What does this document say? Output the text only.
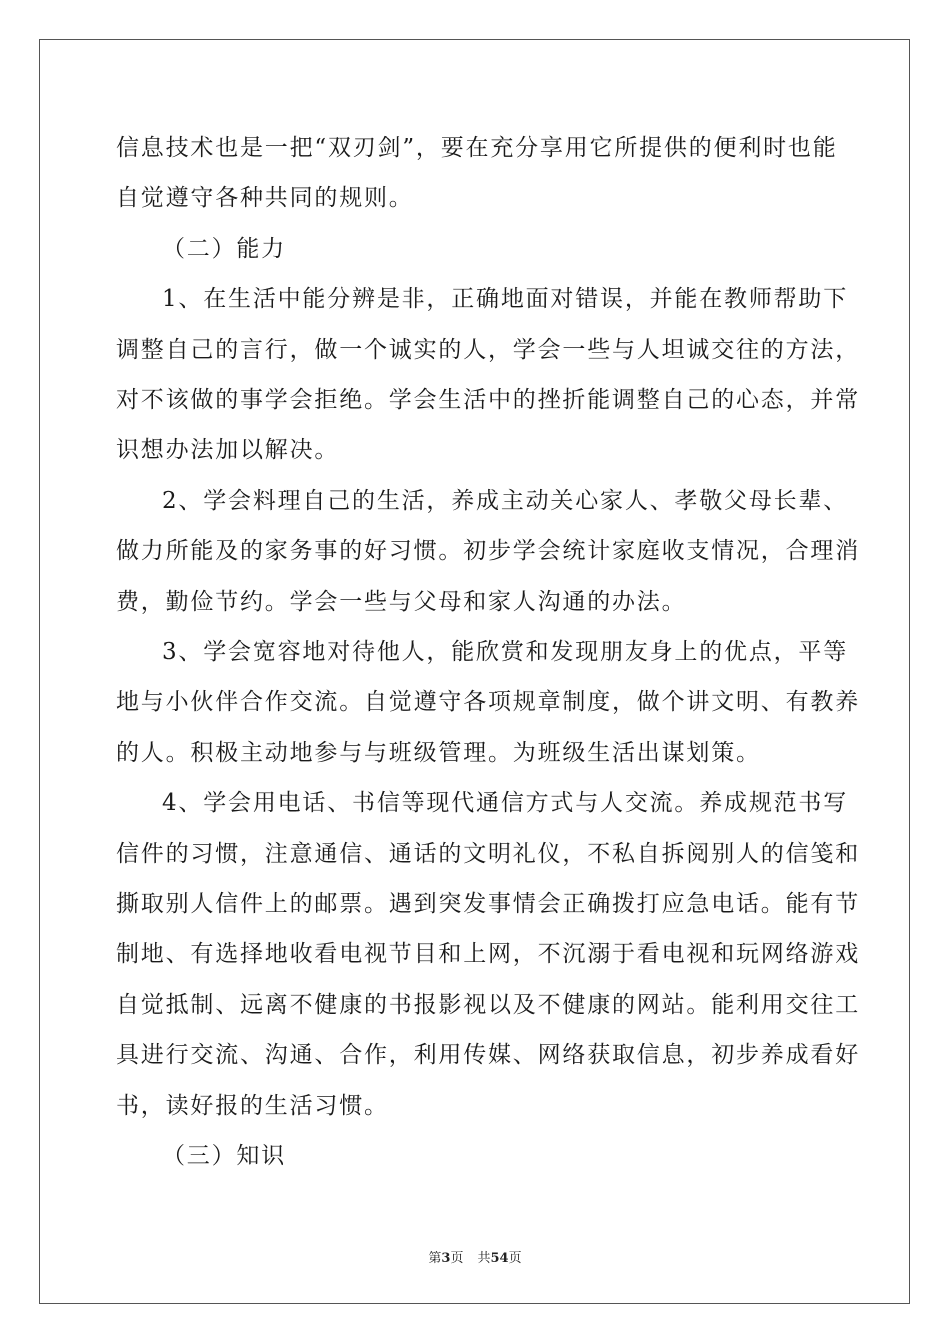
信息技术也是一把“双刃剑”，要在充分享用它所提供的便利时也能
自觉遵守各种共同的规则。
（二）能力
1、在生活中能分辨是非，正确地面对错误，并能在教师帮助下
调整自己的言行，做一个诚实的人，学会一些与人坦诚交往的方法，
对不该做的事学会拒绝。学会生活中的挫折能调整自己的心态，并常
识想办法加以解决。
2、学会料理自己的生活，养成主动关心家人、孝敬父母长辈、
做力所能及的家务事的好习惯。初步学会统计家庭收支情况，合理消
费，勤俭节约。学会一些与父母和家人沟通的办法。
3、学会宽容地对待他人，能欣赏和发现朋友身上的优点，平等
地与小伙伴合作交流。自觉遵守各项规章制度，做个讲文明、有教养
的人。积极主动地参与与班级管理。为班级生活出谋划策。
4、学会用电话、书信等现代通信方式与人交流。养成规范书写
信件的习惯，注意通信、通话的文明礼仪，不私自拆阅别人的信笺和
撕取别人信件上的邮票。遇到突发事情会正确拨打应急电话。能有节
制地、有选择地收看电视节目和上网，不沉溺于看电视和玩网络游戏
自觉抵制、远离不健康的书报影视以及不健康的网站。能利用交往工
具进行交流、沟通、合作，利用传媒、网络获取信息，初步养成看好
书，读好报的生活习惯。
（三）知识
第3页 共54页
